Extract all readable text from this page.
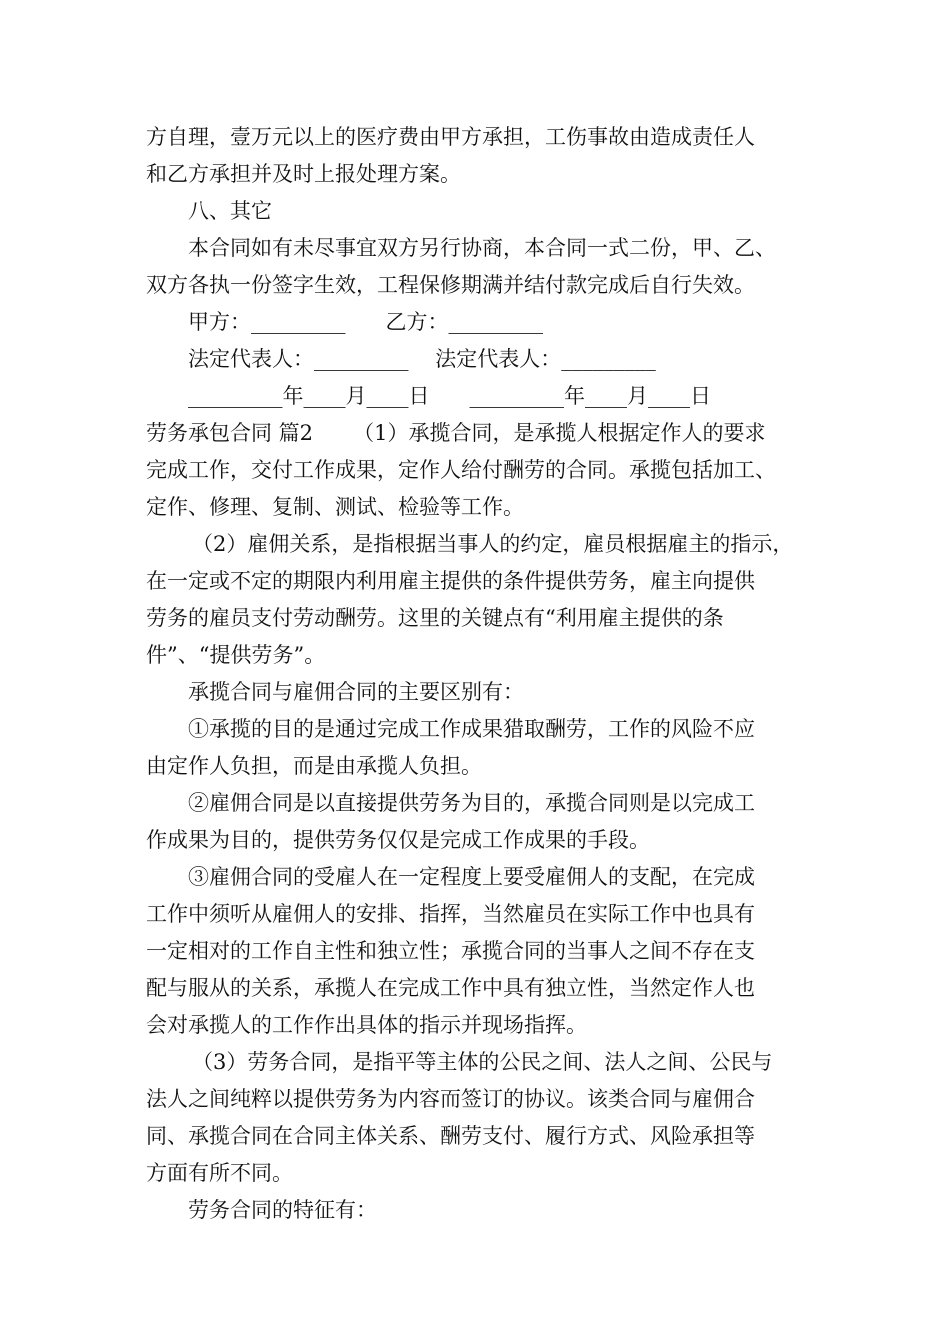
方自理，壹万元以上的医疗费由甲方承担，工伤事故由造成责任人
和乙方承担并及时上报处理方案。
八、其它
本合同如有未尽事宜双方另行协商，本合同一式二份，甲、乙、
双方各执一份签字生效，工程保修期满并结付款完成后自行失效。
甲方：_________      乙方：_________
法定代表人：_________    法定代表人：_________
_________年____月____日      _________年____月____日
劳务承包合同 篇2      （1）承揽合同，是承揽人根据定作人的要求
完成工作，交付工作成果，定作人给付酬劳的合同。承揽包括加工、
定作、修理、复制、测试、检验等工作。
（2）雇佣关系，是指根据当事人的约定，雇员根据雇主的指示，
在一定或不定的期限内利用雇主提供的条件提供劳务，雇主向提供
劳务的雇员支付劳动酬劳。这里的关键点有“利用雇主提供的条
件”、“提供劳务”。
承揽合同与雇佣合同的主要区别有：
①承揽的目的是通过完成工作成果猎取酬劳，工作的风险不应
由定作人负担，而是由承揽人负担。
②雇佣合同是以直接提供劳务为目的，承揽合同则是以完成工
作成果为目的，提供劳务仅仅是完成工作成果的手段。
③雇佣合同的受雇人在一定程度上要受雇佣人的支配，在完成
工作中须听从雇佣人的安排、指挥，当然雇员在实际工作中也具有
一定相对的工作自主性和独立性；承揽合同的当事人之间不存在支
配与服从的关系，承揽人在完成工作中具有独立性，当然定作人也
会对承揽人的工作作出具体的指示并现场指挥。
（3）劳务合同，是指平等主体的公民之间、法人之间、公民与
法人之间纯粹以提供劳务为内容而签订的协议。该类合同与雇佣合
同、承揽合同在合同主体关系、酬劳支付、履行方式、风险承担等
方面有所不同。
劳务合同的特征有：
